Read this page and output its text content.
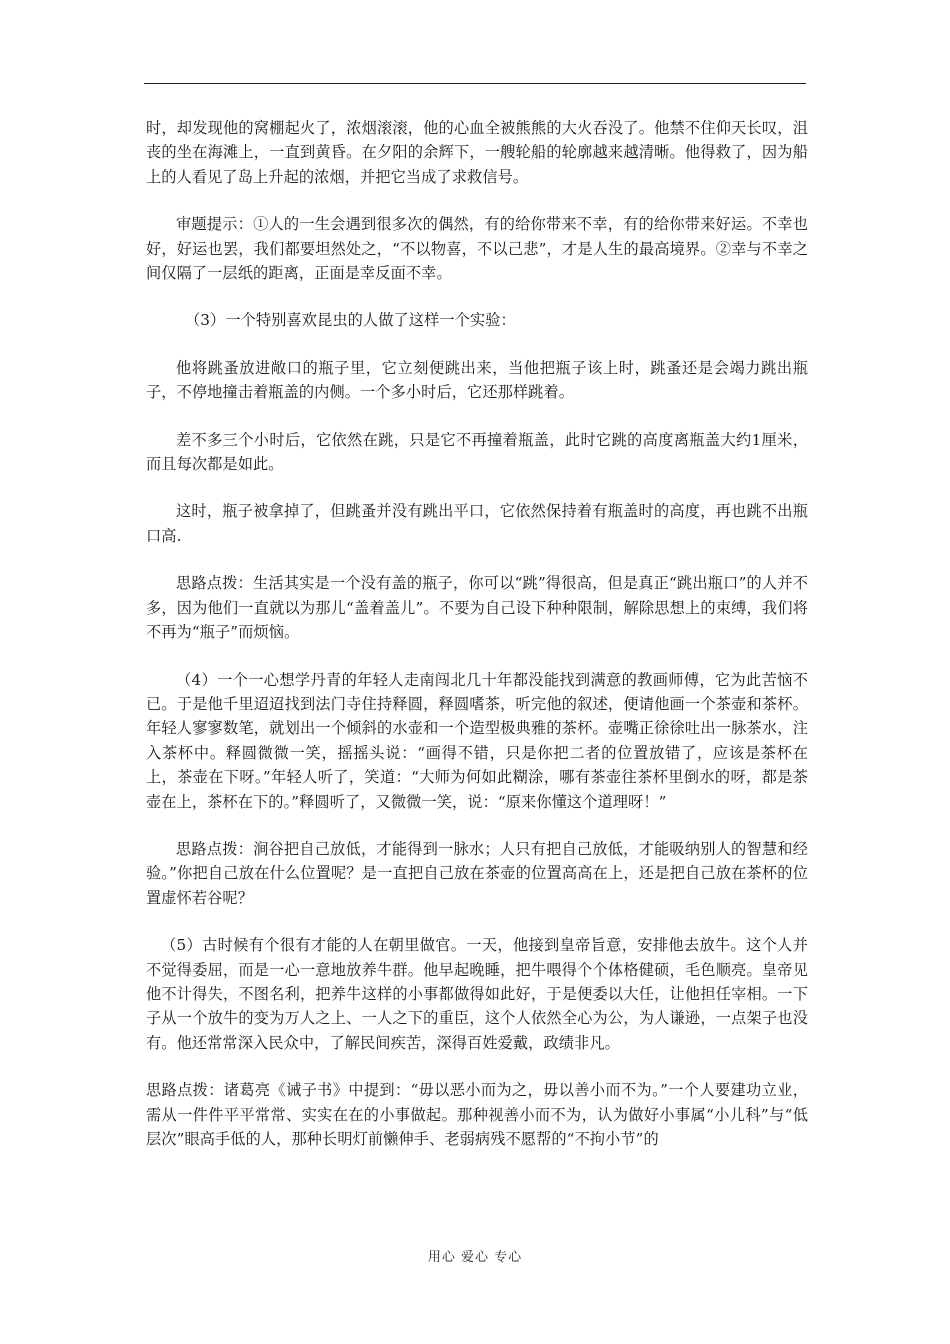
时，却发现他的窝棚起火了，浓烟滚滚，他的心血全被熊熊的大火吞没了。他禁不住仰天长叹，沮丧的坐在海滩上，一直到黄昏。在夕阳的余辉下，一艘轮船的轮廓越来越清晰。他得救了，因为船上的人看见了岛上升起的浓烟，并把它当成了求救信号。

审题提示：①人的一生会遇到很多次的偶然，有的给你带来不幸，有的给你带来好运。不幸也好，好运也罢，我们都要坦然处之，“不以物喜，不以己悲”，才是人生的最高境界。②幸与不幸之间仅隔了一层纸的距离，正面是幸反面不幸。

（3）一个特别喜欢昆虫的人做了这样一个实验：

他将跳蚤放进敞口的瓶子里，它立刻便跳出来，当他把瓶子该上时，跳蚤还是会竭力跳出瓶子，不停地撞击着瓶盖的内侧。一个多小时后，它还那样跳着。

差不多三个小时后，它依然在跳，只是它不再撞着瓶盖，此时它跳的高度离瓶盖大约1厘米，而且每次都是如此。

这时，瓶子被拿掉了，但跳蚤并没有跳出平口，它依然保持着有瓶盖时的高度，再也跳不出瓶口高.

思路点拨：生活其实是一个没有盖的瓶子，你可以“跳”得很高，但是真正“跳出瓶口”的人并不多，因为他们一直就以为那儿“盖着盖儿”。不要为自己设下种种限制，解除思想上的束缚，我们将不再为“瓶子”而烦恼。

（4）一个一心想学丹青的年轻人走南闯北几十年都没能找到满意的教画师傅，它为此苦恼不已。于是他千里迢迢找到法门寺住持释圆，释圆嗜茶，听完他的叙述，便请他画一个茶壶和茶杯。年轻人寥寥数笔，就划出一个倾斜的水壶和一个造型极典雅的茶杯。壶嘴正徐徐吐出一脉茶水，注入茶杯中。释圆微微一笑，摇摇头说：“画得不错，只是你把二者的位置放错了，应该是茶杯在上，茶壶在下呀。”年轻人听了，笑道：“大师为何如此糊涂，哪有茶壶往茶杯里倒水的呀，都是茶壶在上，茶杯在下的。”释圆听了，又微微一笑，说：“原来你懂这个道理呀！”

思路点拨：涧谷把自己放低，才能得到一脉水；人只有把自己放低，才能吸纳别人的智慧和经验。”你把自己放在什么位置呢？是一直把自己放在茶壶的位置高高在上，还是把自己放在茶杯的位置虚怀若谷呢？

（5）古时候有个很有才能的人在朝里做官。一天，他接到皇帝旨意，安排他去放牛。这个人并不觉得委屈，而是一心一意地放养牛群。他早起晚睡，把牛喂得个个体格健硕，毛色顺亮。皇帝见他不计得失，不图名利，把养牛这样的小事都做得如此好，于是便委以大任，让他担任宰相。一下子从一个放牛的变为万人之上、一人之下的重臣，这个人依然全心为公，为人谦逊，一点架子也没有。他还常常深入民众中，了解民间疾苦，深得百姓爱戴，政绩非凡。

思路点拨：诸葛亮《诫子书》中提到：“毋以恶小而为之，毋以善小而不为。”一个人要建功立业，需从一件件平平常常、实实在在的小事做起。那种视善小而不为，认为做好小事属“小儿科”与“低层次”眼高手低的人，那种长明灯前懒伸手、老弱病残不愿帮的“不拘小节”的

用心 爱心 专心
